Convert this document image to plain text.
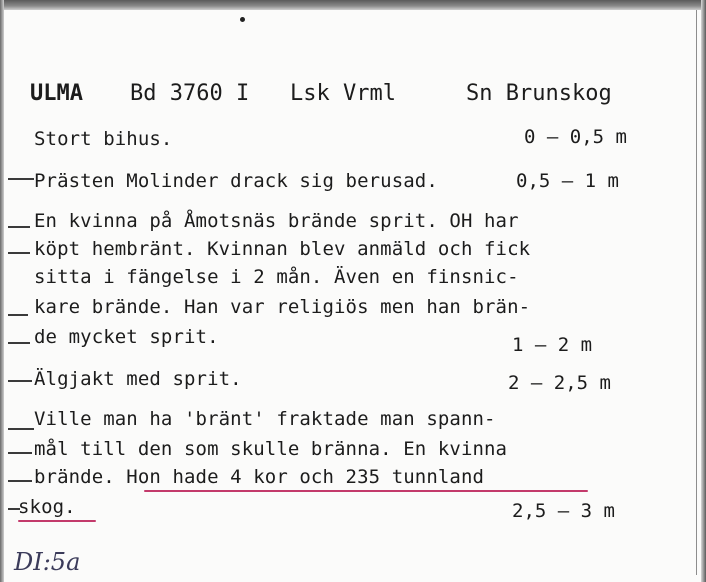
ULMA Bd 3760 I Lsk Vrml	Sn Brunskog
Stort bihus.	0 – 0,5 m
Prästen Molinder drack sig berusad.	0,5 – 1 m
En kvinna på Åmotsnäs brände sprit. OH har
köpt hembränt. Kvinnan blev anmäld och fick
sitta i fängelse i 2 mån. Även en finsnic-
kare brände. Han var religiös men han brän-
de mycket sprit.	1 – 2 m
Älgjakt med sprit.	2 – 2,5 m
Ville man ha 'bränt' fraktade man spann-
mål till den som skulle bränna. En kvinna
brände. Hon hade 4 kor och 235 tunnland
skog.	2,5 – 3 m
DI:5a
